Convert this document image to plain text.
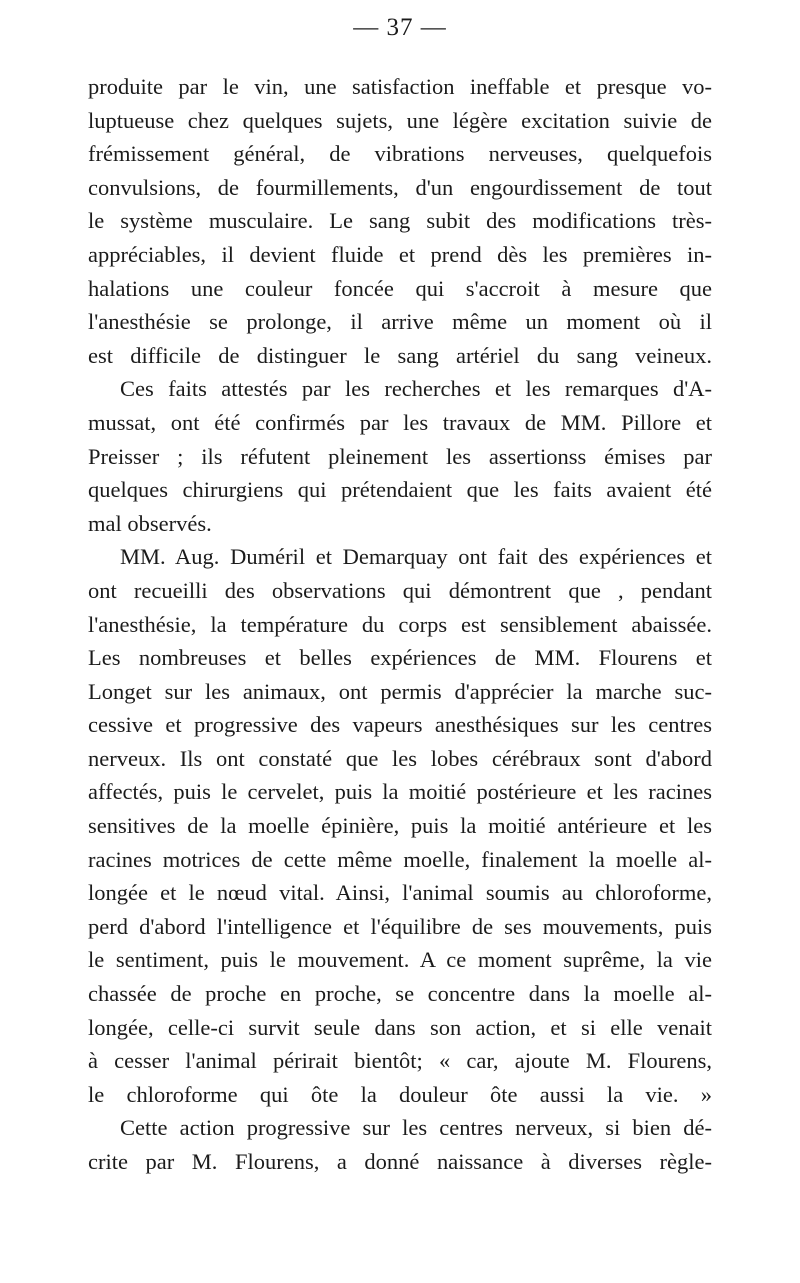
— 37 —
produite par le vin, une satisfaction ineffable et presque vo-
luptueuse chez quelques sujets, une légère excitation suivie de
frémissement général, de vibrations nerveuses, quelquefois
convulsions, de fourmillements, d'un engourdissement de tout
le système musculaire. Le sang subit des modifications très-
appréciables, il devient fluide et prend dès les premières in-
halations une couleur foncée qui s'accroit à mesure que
l'anesthésie se prolonge, il arrive même un moment où il
est difficile de distinguer le sang artériel du sang veineux.
Ces faits attestés par les recherches et les remarques d'A-
mussat, ont été confirmés par les travaux de MM. Pillore et
Preisser ; ils réfutent pleinement les assertionss émises par
quelques chirurgiens qui prétendaient que les faits avaient été
mal observés.
MM. Aug. Duméril et Demarquay ont fait des expériences et
ont recueilli des observations qui démontrent que , pendant
l'anesthésie, la température du corps est sensiblement abaissée.
Les nombreuses et belles expériences de MM. Flourens et
Longet sur les animaux, ont permis d'apprécier la marche suc-
cessive et progressive des vapeurs anesthésiques sur les centres
nerveux. Ils ont constaté que les lobes cérébraux sont d'abord
affectés, puis le cervelet, puis la moitié postérieure et les racines
sensitives de la moelle épinière, puis la moitié antérieure et les
racines motrices de cette même moelle, finalement la moelle al-
longée et le nœud vital. Ainsi, l'animal soumis au chloroforme,
perd d'abord l'intelligence et l'équilibre de ses mouvements, puis
le sentiment, puis le mouvement. A ce moment suprême, la vie
chassée de proche en proche, se concentre dans la moelle al-
longée, celle-ci survit seule dans son action, et si elle venait
à cesser l'animal périrait bientôt; « car, ajoute M. Flourens,
le chloroforme qui ôte la douleur ôte aussi la vie. »
Cette action progressive sur les centres nerveux, si bien dé-
crite par M. Flourens, a donné naissance à diverses règle-
